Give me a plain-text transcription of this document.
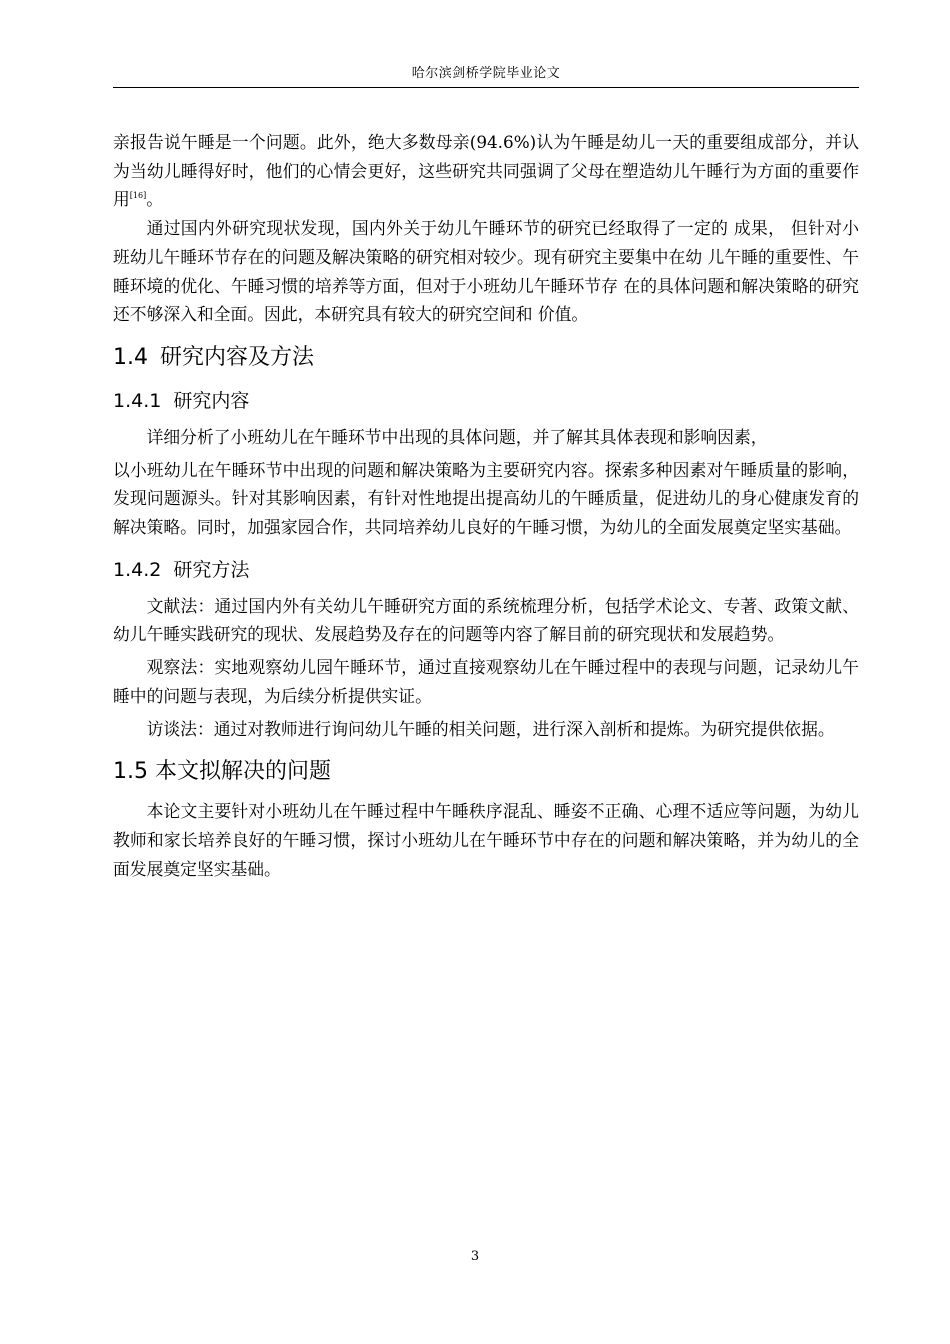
哈尔滨剑桥学院毕业论文

亲报告说午睡是一个问题。此外，绝大多数母亲(94.6%)认为午睡是幼儿一天的重要组成部分，并认为当幼儿睡得好时，他们的心情会更好，这些研究共同强调了父母在塑造幼儿午睡行为方面的重要作用[16]。

通过国内外研究现状发现，国内外关于幼儿午睡环节的研究已经取得了一定的 成果， 但针对小班幼儿午睡环节存在的问题及解决策略的研究相对较少。现有研究主要集中在幼 儿午睡的重要性、午睡环境的优化、午睡习惯的培养等方面，但对于小班幼儿午睡环节存 在的具体问题和解决策略的研究还不够深入和全面。因此，本研究具有较大的研究空间和 价值。

1.4 研究内容及方法
1.4.1 研究内容

详细分析了小班幼儿在午睡环节中出现的具体问题，并了解其具体表现和影响因素，

以小班幼儿在午睡环节中出现的问题和解决策略为主要研究内容。探索多种因素对午睡质量的影响，发现问题源头。针对其影响因素，有针对性地提出提高幼儿的午睡质量，促进幼儿的身心健康发育的解决策略。同时，加强家园合作，共同培养幼儿良好的午睡习惯，为幼儿的全面发展奠定坚实基础。

1.4.2 研究方法

文献法：通过国内外有关幼儿午睡研究方面的系统梳理分析，包括学术论文、专著、政策文献、幼儿午睡实践研究的现状、发展趋势及存在的问题等内容了解目前的研究现状和发展趋势。

观察法：实地观察幼儿园午睡环节，通过直接观察幼儿在午睡过程中的表现与问题，记录幼儿午睡中的问题与表现，为后续分析提供实证。

访谈法：通过对教师进行询问幼儿午睡的相关问题，进行深入剖析和提炼。为研究提供依据。

1.5 本文拟解决的问题

本论文主要针对小班幼儿在午睡过程中午睡秩序混乱、睡姿不正确、心理不适应等问题，为幼儿教师和家长培养良好的午睡习惯，探讨小班幼儿在午睡环节中存在的问题和解决策略，并为幼儿的全面发展奠定坚实基础。

3
